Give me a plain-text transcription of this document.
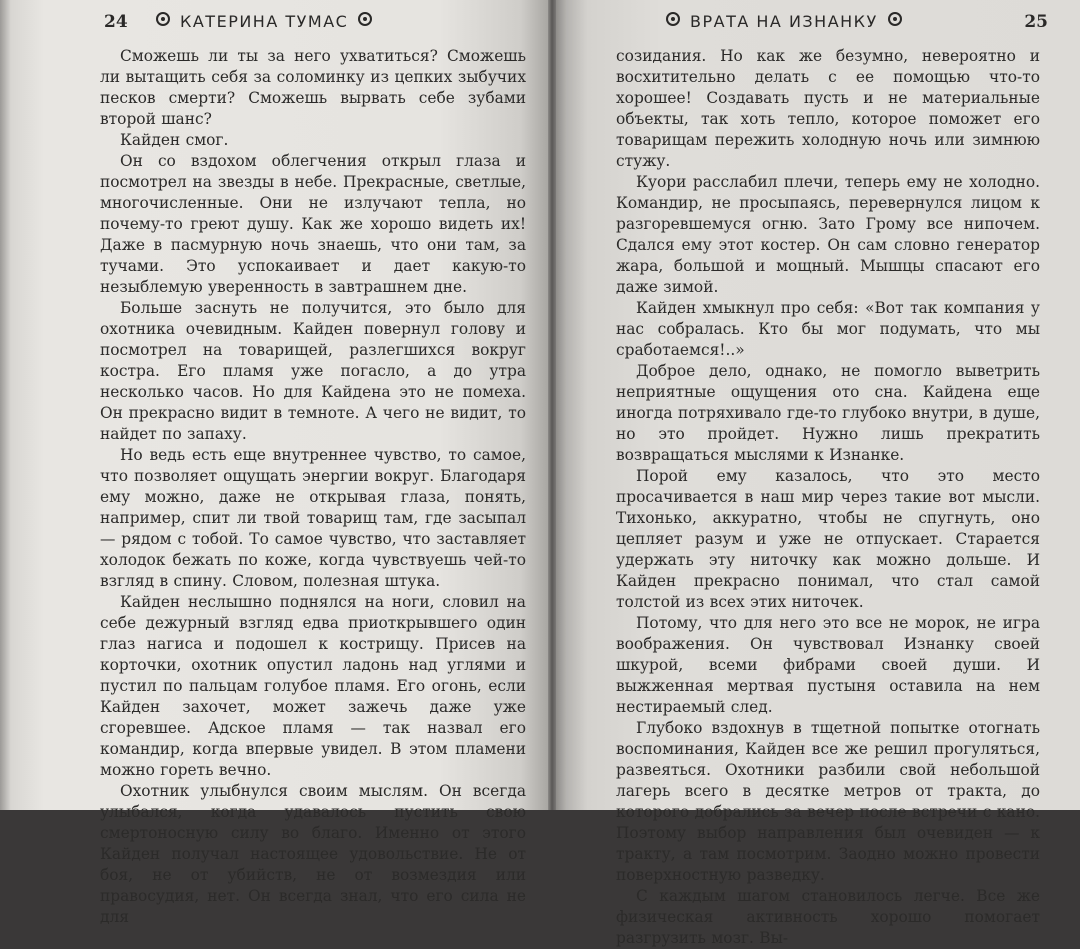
24	КАТЕРИНА ТУМАС

Сможешь ли ты за него ухватиться? Сможешь ли вытащить себя за соломинку из цепких зыбучих песков смерти? Сможешь вырвать себе зубами второй шанс?

Кайден смог.

Он со вздохом облегчения открыл глаза и посмотрел на звезды в небе. Прекрасные, светлые, многочисленные. Они не излучают тепла, но почему-то греют душу. Как же хорошо видеть их! Даже в пасмурную ночь знаешь, что они там, за тучами. Это успокаивает и дает какую-то незыблемую уверенность в завтрашнем дне.

Больше заснуть не получится, это было для охотника очевидным. Кайден повернул голову и посмотрел на товарищей, разлегшихся вокруг костра. Его пламя уже погасло, а до утра несколько часов. Но для Кайдена это не помеха. Он прекрасно видит в темноте. А чего не видит, то найдет по запаху.

Но ведь есть еще внутреннее чувство, то самое, что позволяет ощущать энергии вокруг. Благодаря ему можно, даже не открывая глаза, понять, например, спит ли твой товарищ там, где засыпал — рядом с тобой. То самое чувство, что заставляет холодок бежать по коже, когда чувствуешь чей-то взгляд в спину. Словом, полезная штука.

Кайден неслышно поднялся на ноги, словил на себе дежурный взгляд едва приоткрывшего один глаз нагиса и подошел к кострищу. Присев на корточки, охотник опустил ладонь над углями и пустил по пальцам голубое пламя. Его огонь, если Кайден захочет, может зажечь даже уже сгоревшее. Адское пламя — так назвал его командир, когда впервые увидел. В этом пламени можно гореть вечно.

Охотник улыбнулся своим мыслям. Он всегда улыбался, когда удавалось пустить свою смертоносную силу во благо. Именно от этого Кайден получал настоящее удовольствие. Не от боя, не от убийств, не от возмездия или правосудия, нет. Он всегда знал, что его сила не для

ВРАТА НА ИЗНАНКУ	25

созидания. Но как же безумно, невероятно и восхитительно делать с ее помощью что-то хорошее! Создавать пусть и не материальные объекты, так хоть тепло, которое поможет его товарищам пережить холодную ночь или зимнюю стужу.

Куори расслабил плечи, теперь ему не холодно. Командир, не просыпаясь, перевернулся лицом к разгоревшемуся огню. Зато Грому все нипочем. Сдался ему этот костер. Он сам словно генератор жара, большой и мощный. Мышцы спасают его даже зимой.

Кайден хмыкнул про себя: «Вот так компания у нас собралась. Кто бы мог подумать, что мы сработаемся!..»

Доброе дело, однако, не помогло выветрить неприятные ощущения ото сна. Кайдена еще иногда потряхивало где-то глубоко внутри, в душе, но это пройдет. Нужно лишь прекратить возвращаться мыслями к Изнанке.

Порой ему казалось, что это место просачивается в наш мир через такие вот мысли. Тихонько, аккуратно, чтобы не спугнуть, оно цепляет разум и уже не отпускает. Старается удержать эту ниточку как можно дольше. И Кайден прекрасно понимал, что стал самой толстой из всех этих ниточек.

Потому, что для него это все не морок, не игра воображения. Он чувствовал Изнанку своей шкурой, всеми фибрами своей души. И выжженная мертвая пустыня оставила на нем нестираемый след.

Глубоко вздохнув в тщетной попытке отогнать воспоминания, Кайден все же решил прогуляться, развеяться. Охотники разбили свой небольшой лагерь всего в десятке метров от тракта, до которого добрались за вечер после встречи с кано. Поэтому выбор направления был очевиден — к тракту, а там посмотрим. Заодно можно провести поверхностную разведку.

С каждым шагом становилось легче. Все же физическая активность хорошо помогает разгрузить мозг. Вы-
